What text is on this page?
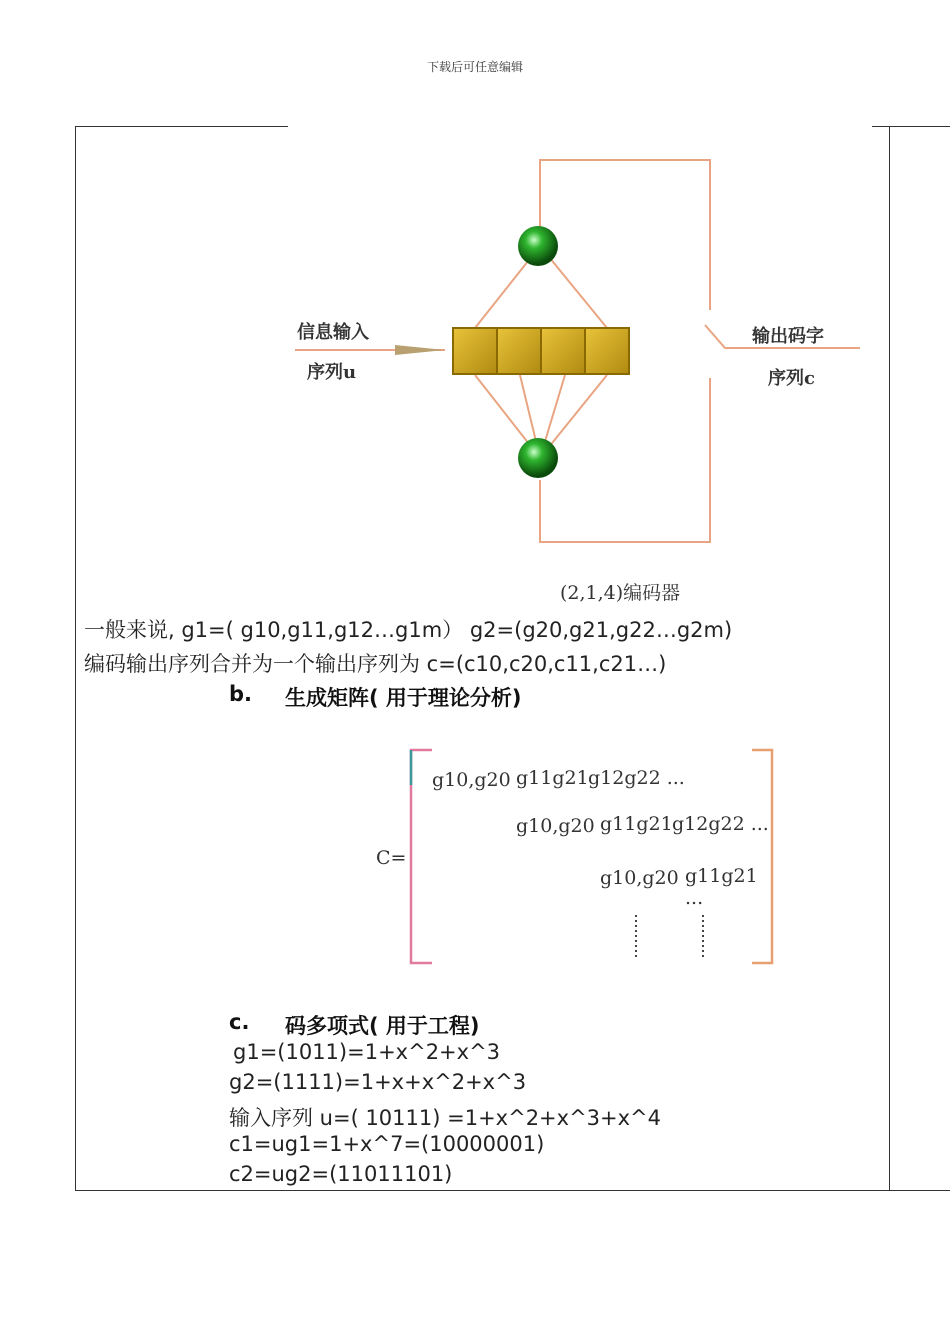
下载后可任意编辑
信息输入
序列u
输出码字
序列c
(2,1,4)编码器
一般来说, g1=( g10,g11,g12…g1m） g2=(g20,g21,g22…g2m)
编码输出序列合并为一个输出序列为 c=(c10,c20,c11,c21…)
b. 生成矩阵( 用于理论分析)
C=
g10,g20 g11g21 g12g22 ...
g10,g20 g11g21 g12g22 ...
g10,g20 g11g21 ...
c. 码多项式( 用于工程)
g1=(1011)=1+x^2+x^3
g2=(1111)=1+x+x^2+x^3
输入序列 u=( 10111) =1+x^2+x^3+x^4
c1=ug1=1+x^7=(10000001)
c2=ug2=(11011101)
